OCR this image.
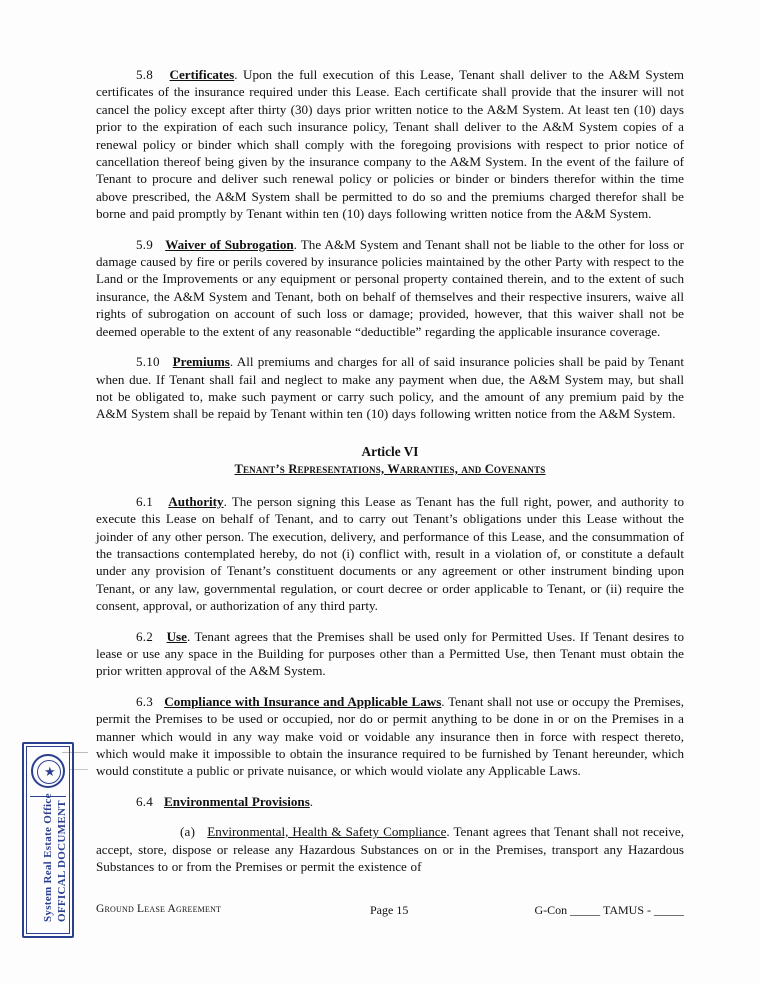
5.8 Certificates. Upon the full execution of this Lease, Tenant shall deliver to the A&M System certificates of the insurance required under this Lease. Each certificate shall provide that the insurer will not cancel the policy except after thirty (30) days prior written notice to the A&M System. At least ten (10) days prior to the expiration of each such insurance policy, Tenant shall deliver to the A&M System copies of a renewal policy or binder which shall comply with the foregoing provisions with respect to prior notice of cancellation thereof being given by the insurance company to the A&M System. In the event of the failure of Tenant to procure and deliver such renewal policy or policies or binder or binders therefor within the time above prescribed, the A&M System shall be permitted to do so and the premiums charged therefor shall be borne and paid promptly by Tenant within ten (10) days following written notice from the A&M System.

5.9 Waiver of Subrogation. The A&M System and Tenant shall not be liable to the other for loss or damage caused by fire or perils covered by insurance policies maintained by the other Party with respect to the Land or the Improvements or any equipment or personal property contained therein, and to the extent of such insurance, the A&M System and Tenant, both on behalf of themselves and their respective insurers, waive all rights of subrogation on account of such loss or damage; provided, however, that this waiver shall not be deemed operable to the extent of any reasonable “deductible” regarding the applicable insurance coverage.

5.10 Premiums. All premiums and charges for all of said insurance policies shall be paid by Tenant when due. If Tenant shall fail and neglect to make any payment when due, the A&M System may, but shall not be obligated to, make such payment or carry such policy, and the amount of any premium paid by the A&M System shall be repaid by Tenant within ten (10) days following written notice from the A&M System.

Article VI
Tenant’s Representations, Warranties, and Covenants

6.1 Authority. The person signing this Lease as Tenant has the full right, power, and authority to execute this Lease on behalf of Tenant, and to carry out Tenant’s obligations under this Lease without the joinder of any other person. The execution, delivery, and performance of this Lease, and the consummation of the transactions contemplated hereby, do not (i) conflict with, result in a violation of, or constitute a default under any provision of Tenant’s constituent documents or any agreement or other instrument binding upon Tenant, or any law, governmental regulation, or court decree or order applicable to Tenant, or (ii) require the consent, approval, or authorization of any third party.

6.2 Use. Tenant agrees that the Premises shall be used only for Permitted Uses. If Tenant desires to lease or use any space in the Building for purposes other than a Permitted Use, then Tenant must obtain the prior written approval of the A&M System.

6.3 Compliance with Insurance and Applicable Laws. Tenant shall not use or occupy the Premises, permit the Premises to be used or occupied, nor do or permit anything to be done in or on the Premises in a manner which would in any way make void or voidable any insurance then in force with respect thereto, which would make it impossible to obtain the insurance required to be furnished by Tenant hereunder, which would constitute a public or private nuisance, or which would violate any Applicable Laws.

6.4 Environmental Provisions.

(a) Environmental, Health & Safety Compliance. Tenant agrees that Tenant shall not receive, accept, store, dispose or release any Hazardous Substances on or in the Premises, transport any Hazardous Substances to or from the Premises or permit the existence of

Ground Lease Agreement	Page 15	G-Con _____ TAMUS - _____
★
System Real Estate Office OFFICAL DOCUMENT
